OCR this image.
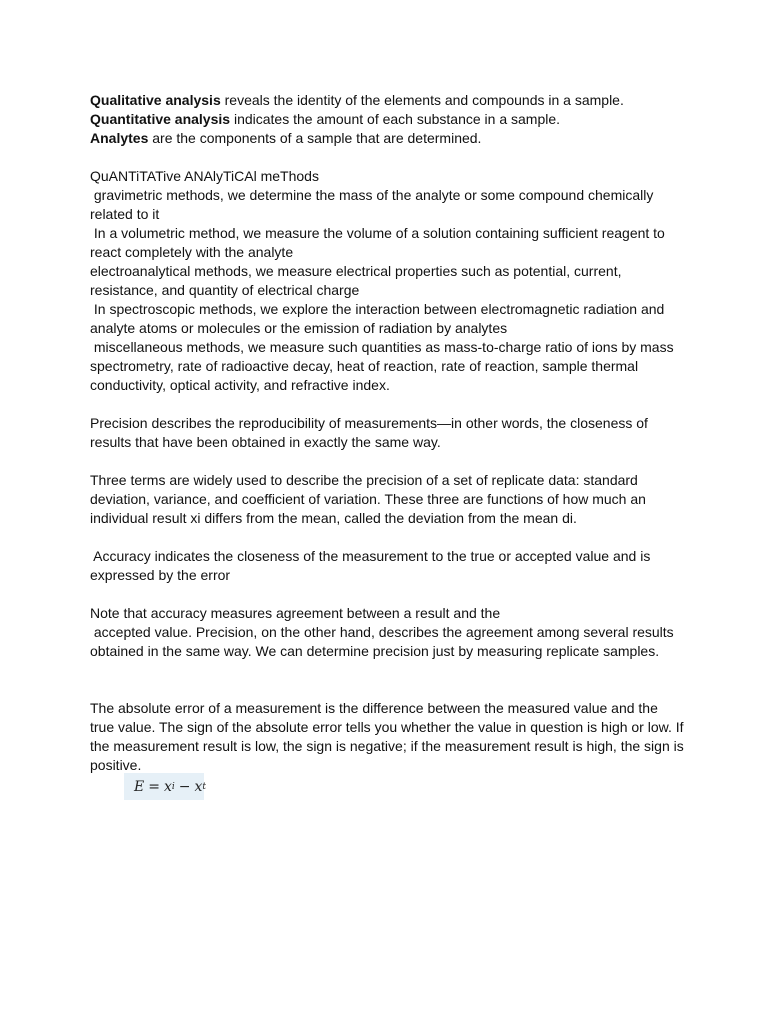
Qualitative analysis reveals the identity of the elements and compounds in a sample.
Quantitative analysis indicates the amount of each substance in a sample.
Analytes are the components of a sample that are determined.
QuANTiTATive ANAlyTiCAl meThods
gravimetric methods, we determine the mass of the analyte or some compound chemically
related to it
In a volumetric method, we measure the volume of a solution containing sufficient reagent to
react completely with the analyte
electroanalytical methods, we measure electrical properties such as potential, current,
resistance, and quantity of electrical charge
In spectroscopic methods, we explore the interaction between electromagnetic radiation and
analyte atoms or molecules or the emission of radiation by analytes
miscellaneous methods, we measure such quantities as mass-to-charge ratio of ions by mass
spectrometry, rate of radioactive decay, heat of reaction, rate of reaction, sample thermal
conductivity, optical activity, and refractive index.
Precision describes the reproducibility of measurements—in other words, the closeness of
results that have been obtained in exactly the same way.
Three terms are widely used to describe the precision of a set of replicate data: standard
deviation, variance, and coefficient of variation. These three are functions of how much an
individual result xi differs from the mean, called the deviation from the mean di.
Accuracy indicates the closeness of the measurement to the true or accepted value and is
expressed by the error
Note that accuracy measures agreement between a result and the
accepted value. Precision, on the other hand, describes the agreement among several results
obtained in the same way. We can determine precision just by measuring replicate samples.
The absolute error of a measurement is the difference between the measured value and the
true value. The sign of the absolute error tells you whether the value in question is high or low. If
the measurement result is low, the sign is negative; if the measurement result is high, the sign is
positive.
E = x i − x t
